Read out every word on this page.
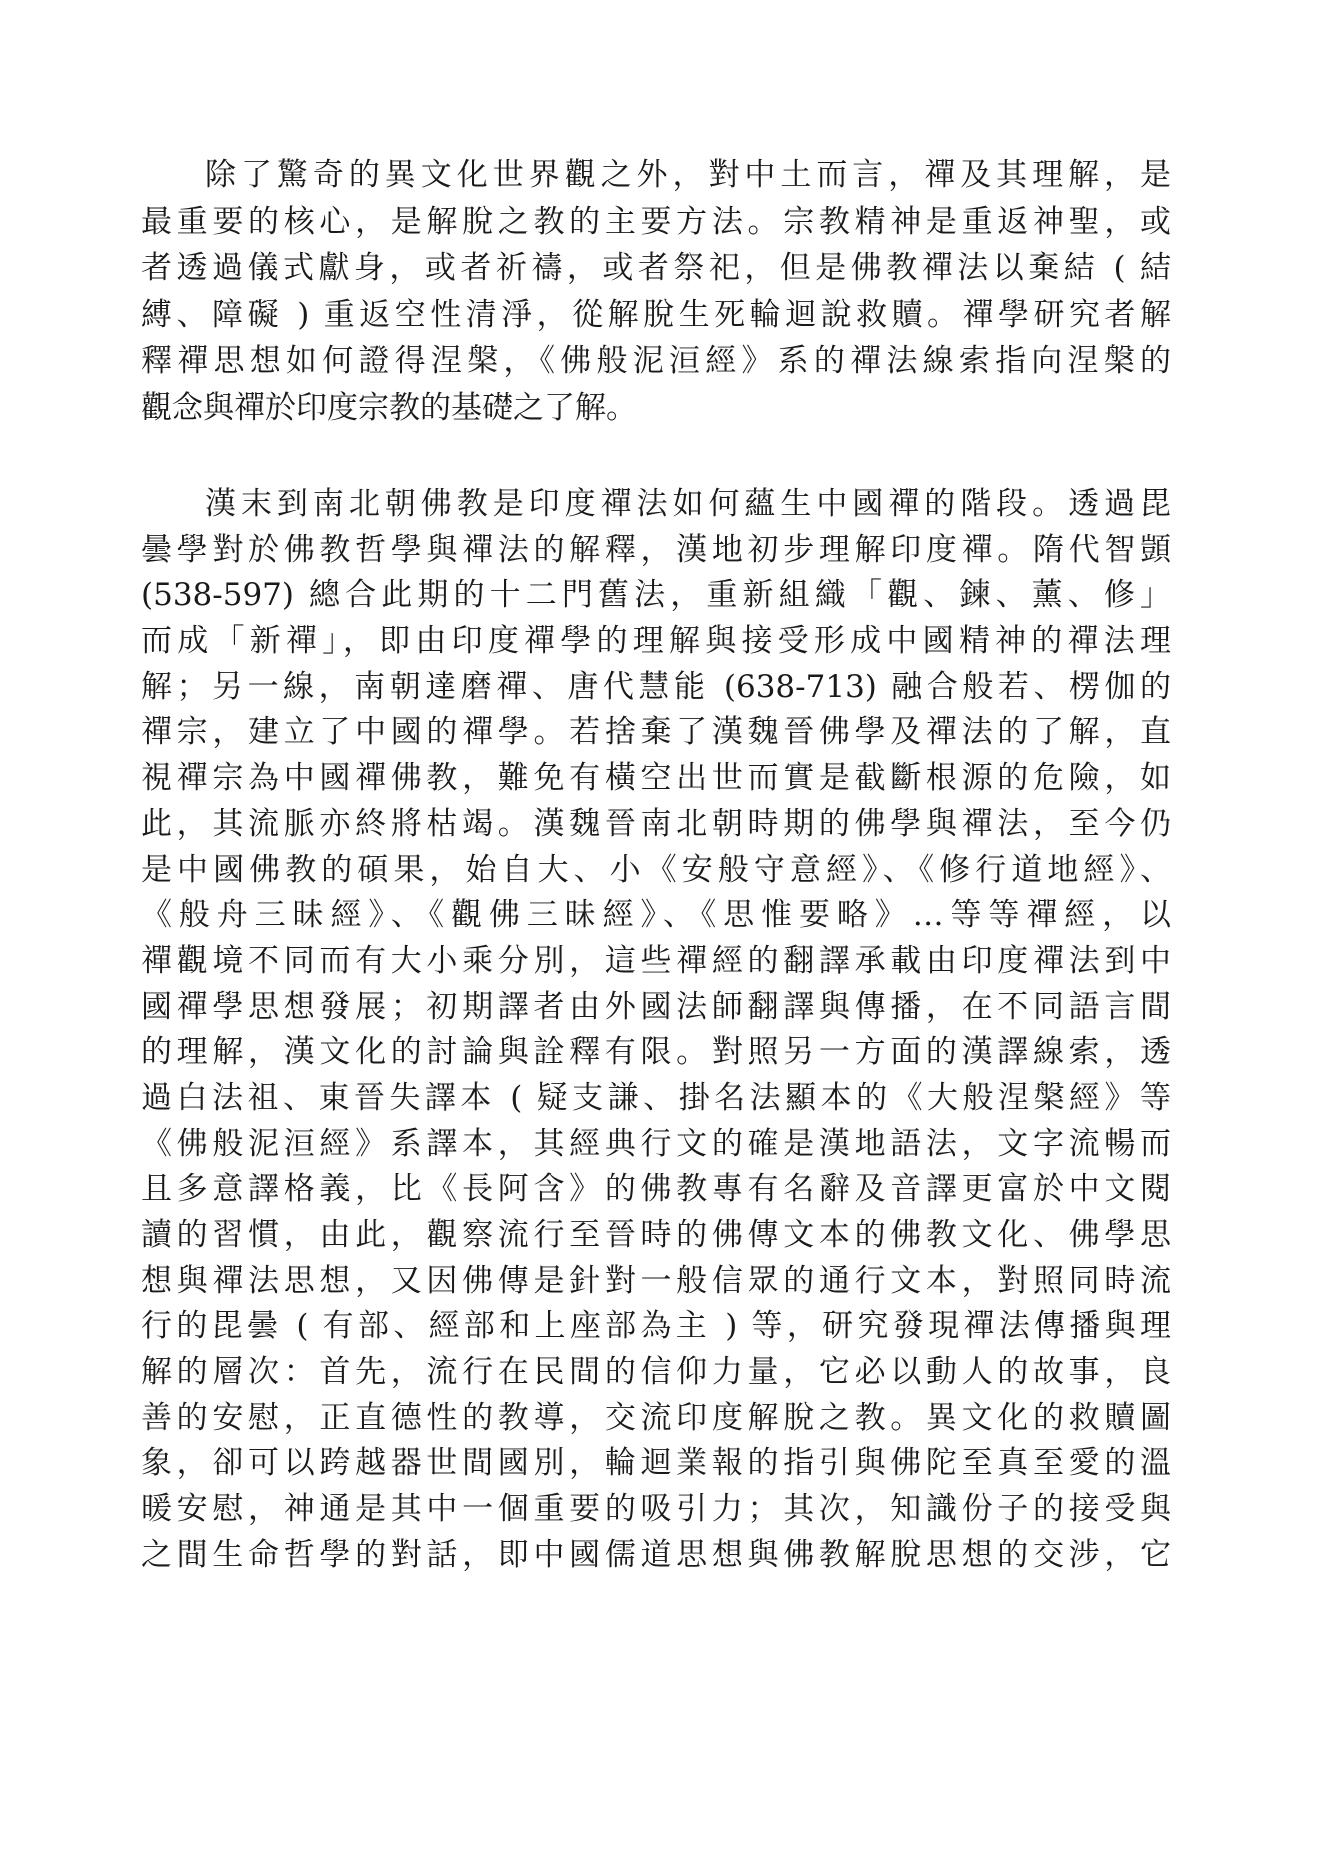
除了驚奇的異文化世界觀之外，對中土而言，禪及其理解，是
最重要的核心，是解脫之教的主要方法。宗教精神是重返神聖，或
者透過儀式獻身，或者祈禱，或者祭祀，但是佛教禪法以棄結 ( 結
縛、障礙 ) 重返空性清淨，從解脫生死輪迴說救贖。禪學研究者解
釋禪思想如何證得涅槃，《佛般泥洹經》系的禪法線索指向涅槃的
觀念與禪於印度宗教的基礎之了解。
漢末到南北朝佛教是印度禪法如何蘊生中國禪的階段。透過毘
曇學對於佛教哲學與禪法的解釋，漢地初步理解印度禪。隋代智顗
(538-597) 總合此期的十二門舊法，重新組織「觀、鍊、薰、修」
而成「新禪」，即由印度禪學的理解與接受形成中國精神的禪法理
解；另一線，南朝達磨禪、唐代慧能 (638-713) 融合般若、楞伽的
禪宗，建立了中國的禪學。若捨棄了漢魏晉佛學及禪法的了解，直
視禪宗為中國禪佛教，難免有橫空出世而實是截斷根源的危險，如
此，其流脈亦終將枯竭。漢魏晉南北朝時期的佛學與禪法，至今仍
是中國佛教的碩果，始自大、小《安般守意經》、《修行道地經》、
《般舟三昧經》、《觀佛三昧經》、《思惟要略》…等等禪經，以
禪觀境不同而有大小乘分別，這些禪經的翻譯承載由印度禪法到中
國禪學思想發展；初期譯者由外國法師翻譯與傳播，在不同語言間
的理解，漢文化的討論與詮釋有限。對照另一方面的漢譯線索，透
過白法祖、東晉失譯本 ( 疑支謙、掛名法顯本的《大般涅槃經》等
《佛般泥洹經》系譯本，其經典行文的確是漢地語法，文字流暢而
且多意譯格義，比《長阿含》的佛教專有名辭及音譯更富於中文閱
讀的習慣，由此，觀察流行至晉時的佛傳文本的佛教文化、佛學思
想與禪法思想，又因佛傳是針對一般信眾的通行文本，對照同時流
行的毘曇 ( 有部、經部和上座部為主 ) 等，研究發現禪法傳播與理
解的層次：首先，流行在民間的信仰力量，它必以動人的故事，良
善的安慰，正直德性的教導，交流印度解脫之教。異文化的救贖圖
象，卻可以跨越器世間國別，輪迴業報的指引與佛陀至真至愛的溫
暖安慰，神通是其中一個重要的吸引力；其次，知識份子的接受與
之間生命哲學的對話，即中國儒道思想與佛教解脫思想的交涉，它
